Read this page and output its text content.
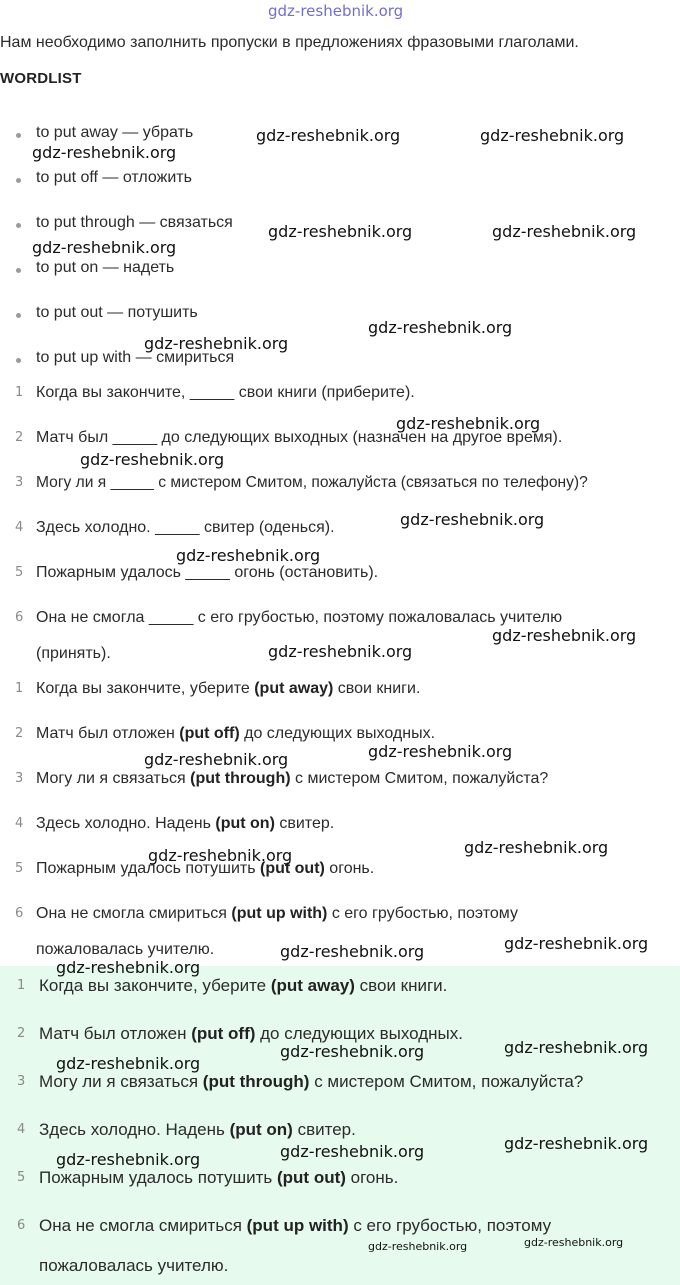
gdz-reshebnik.org
Нам необходимо заполнить пропуски в предложениях фразовыми глаголами.
WORDLIST
to put away — убрать
to put off — отложить
to put through — связаться
to put on — надеть
to put out — потушить
to put up with — смириться
1 Когда вы закончите, _____ свои книги (приберите).
2 Матч был _____ до следующих выходных (назначен на другое время).
3 Могу ли я _____ с мистером Смитом, пожалуйста (связаться по телефону)?
4 Здесь холодно. _____ свитер (оденься).
5 Пожарным удалось _____ огонь (остановить).
6 Она не смогла _____ с его грубостью, поэтому пожаловалась учителю
(принять).
1 Когда вы закончите, уберите (put away) свои книги.
2 Матч был отложен (put off) до следующих выходных.
3 Могу ли я связаться (put through) с мистером Смитом, пожалуйста?
4 Здесь холодно. Надень (put on) свитер.
5 Пожарным удалось потушить (put out) огонь.
6 Она не смогла смириться (put up with) с его грубостью, поэтому
пожаловалась учителю.
1 Когда вы закончите, уберите (put away) свои книги.
2 Матч был отложен (put off) до следующих выходных.
3 Могу ли я связаться (put through) с мистером Смитом, пожалуйста?
4 Здесь холодно. Надень (put on) свитер.
5 Пожарным удалось потушить (put out) огонь.
6 Она не смогла смириться (put up with) с его грубостью, поэтому
пожаловалась учителю.
gdz-reshebnik.org	gdz-reshebnik.org
gdz-reshebnik.org
gdz-reshebnik.org	gdz-reshebnik.org
gdz-reshebnik.org
gdz-reshebnik.org
gdz-reshebnik.org
gdz-reshebnik.org
gdz-reshebnik.org
gdz-reshebnik.org
gdz-reshebnik.org
gdz-reshebnik.org
gdz-reshebnik.org
gdz-reshebnik.org
gdz-reshebnik.org
gdz-reshebnik.org
gdz-reshebnik.org
gdz-reshebnik.org
gdz-reshebnik.org
gdz-reshebnik.org
gdz-reshebnik.org
gdz-reshebnik.org
gdz-reshebnik.org
gdz-reshebnik.org
gdz-reshebnik.org
gdz-reshebnik.org
gdz-reshebnik.org
gdz-reshebnik.org
